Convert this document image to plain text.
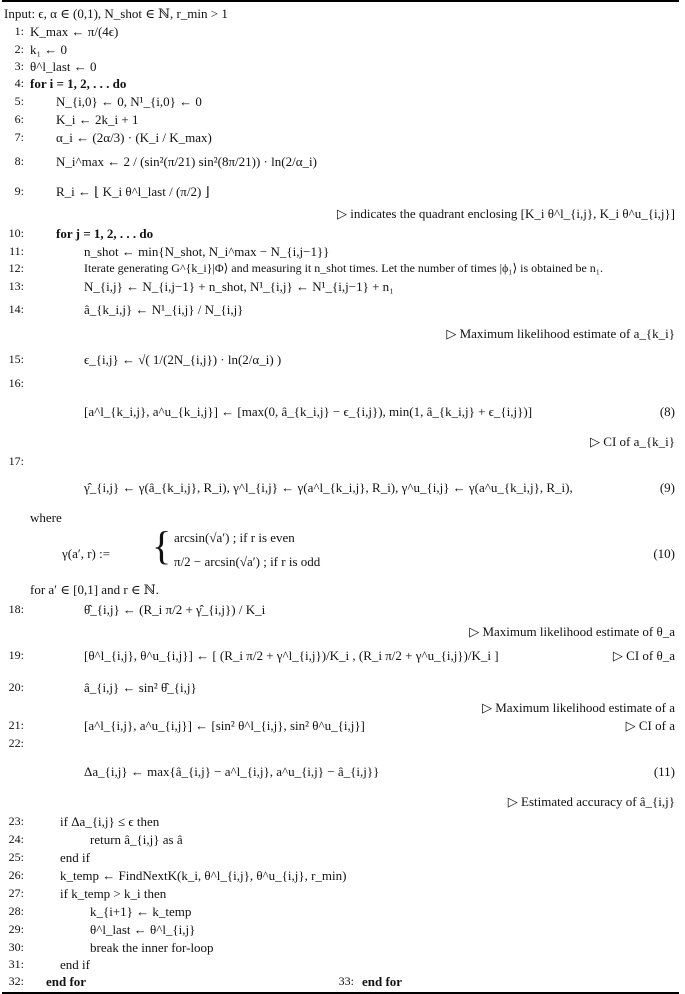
Input: ϵ, α ∈ (0,1), N_shot ∈ ℕ, r_min > 1
1: K_max ← π/(4ϵ)
2: k₁ ← 0
3: θ^l_last ← 0
4: for i = 1, 2, . . . do
5: N_{i,0} ← 0, N¹_{i,0} ← 0
6: K_i ← 2k_i + 1
7: α_i ← (2α/3) · (K_i / K_max)
8: N_i^max ← 2 / (sin²(π/21) sin²(8π/21)) · ln(2/α_i)
9: R_i ← ⌊ K_i θ^l_last / (π/2) ⌋
▷ indicates the quadrant enclosing [K_i θ^l_{i,j}, K_i θ^u_{i,j}]
10: for j = 1, 2, . . . do
11:	n_shot ← min{N_shot, N_i^max − N_{i,j−1}}
12:	Iterate generating G^{k_i}|Φ⟩ and measuring it n_shot times. Let the number of times |ϕ₁⟩ is obtained be n₁.
13:	N_{i,j} ← N_{i,j−1} + n_shot, N¹_{i,j} ← N¹_{i,j−1} + n₁
14:	â_{k_i,j} ← N¹_{i,j} / N_{i,j}
▷ Maximum likelihood estimate of a_{k_i}
15:	ϵ_{i,j} ← √( 1/(2N_{i,j}) · ln(2/α_i) )
16:
[a^l_{k_i,j}, a^u_{k_i,j}] ← [max(0, â_{k_i,j} − ϵ_{i,j}), min(1, â_{k_i,j} + ϵ_{i,j})]	(8)
▷ CI of a_{k_i}
17:
γ̂_{i,j} ← γ(â_{k_i,j}, R_i), γ^l_{i,j} ← γ(a^l_{k_i,j}, R_i), γ^u_{i,j} ← γ(a^u_{k_i,j}, R_i),	(9)
where
γ(a′, r) :=	(10)
{ arcsin(√a′) ; if r is even
π/2 − arcsin(√a′) ; if r is odd
for a′ ∈ [0,1] and r ∈ ℕ.
18:	θ̂_{i,j} ← (R_i π/2 + γ̂_{i,j}) / K_i
▷ Maximum likelihood estimate of θ_a
19:	[θ^l_{i,j}, θ^u_{i,j}] ← [ (R_i π/2 + γ^l_{i,j})/K_i , (R_i π/2 + γ^u_{i,j})/K_i ]	▷ CI of θ_a
20:	â_{i,j} ← sin² θ̂_{i,j}
▷ Maximum likelihood estimate of a
21:	[a^l_{i,j}, a^u_{i,j}] ← [sin² θ^l_{i,j}, sin² θ^u_{i,j}]	▷ CI of a
22:
Δa_{i,j} ← max{â_{i,j} − a^l_{i,j}, a^u_{i,j} − â_{i,j}}	(11)
▷ Estimated accuracy of â_{i,j}
23:	if Δa_{i,j} ≤ ϵ then
24:	return â_{i,j} as â
25:	end if
26:	k_temp ← FindNextK(k_i, θ^l_{i,j}, θ^u_{i,j}, r_min)
27:	if k_temp > k_i then
28:	k_{i+1} ← k_temp
29:	θ^l_last ← θ^l_{i,j}
30:	break the inner for-loop
31:	end if
32: end for	33: end for
